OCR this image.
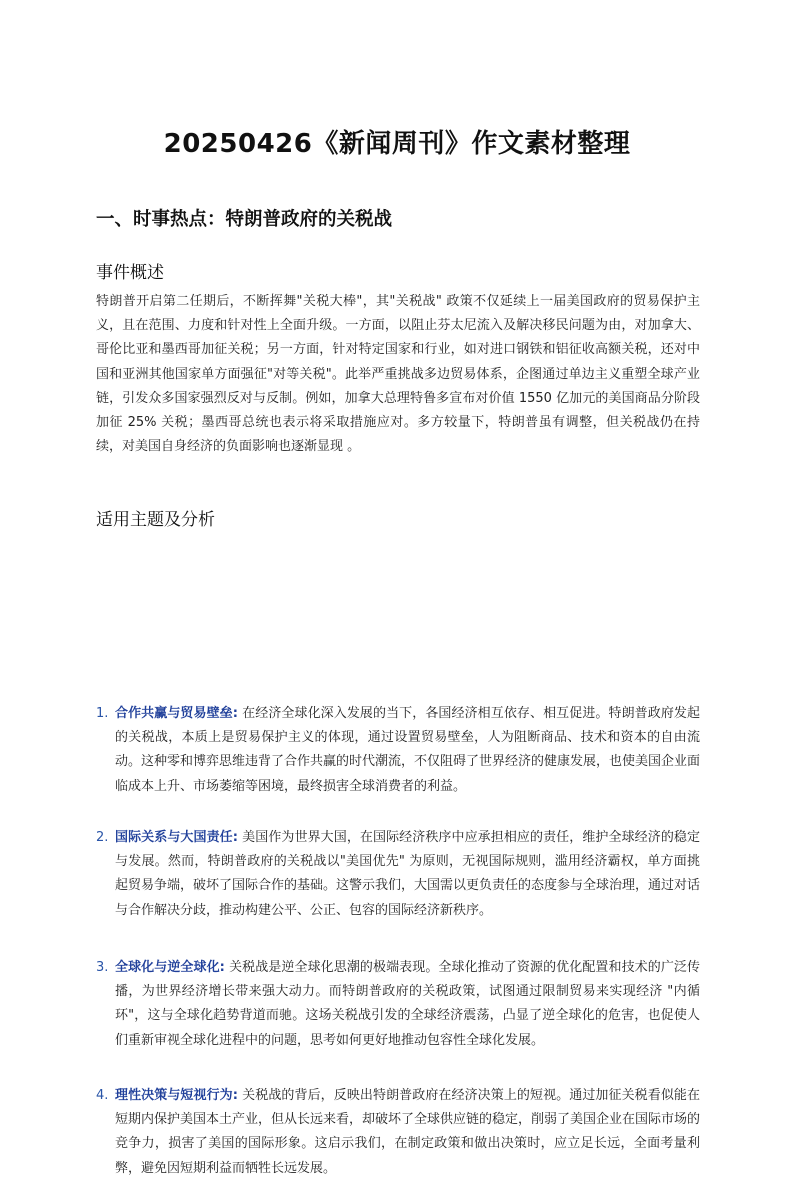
20250426《新闻周刊》作文素材整理
一、时事热点：特朗普政府的关税战
事件概述

特朗普开启第二任期后，不断挥舞"关税大棒"，其"关税战" 政策不仅延续上一届美国政府的贸易保护主义，且在范围、力度和针对性上全面升级。一方面，以阻止芬太尼流入及解决移民问题为由，对加拿大、哥伦比亚和墨西哥加征关税；另一方面，针对特定国家和行业，如对进口钢铁和铝征收高额关税，还对中国和亚洲其他国家单方面强征"对等关税"。此举严重挑战多边贸易体系，企图通过单边主义重塑全球产业链，引发众多国家强烈反对与反制。例如，加拿大总理特鲁多宣布对价值 1550 亿加元的美国商品分阶段加征 25% 关税；墨西哥总统也表示将采取措施应对。多方较量下，特朗普虽有调整，但关税战仍在持续，对美国自身经济的负面影响也逐渐显现 。

适用主题及分析
1. 合作共赢与贸易壁垒: 在经济全球化深入发展的当下，各国经济相互依存、相互促进。特朗普政府发起的关税战，本质上是贸易保护主义的体现，通过设置贸易壁垒，人为阻断商品、技术和资本的自由流动。这种零和博弈思维违背了合作共赢的时代潮流，不仅阻碍了世界经济的健康发展，也使美国企业面临成本上升、市场萎缩等困境，最终损害全球消费者的利益。
2. 国际关系与大国责任: 美国作为世界大国，在国际经济秩序中应承担相应的责任，维护全球经济的稳定与发展。然而，特朗普政府的关税战以"美国优先" 为原则，无视国际规则，滥用经济霸权，单方面挑起贸易争端，破坏了国际合作的基础。这警示我们，大国需以更负责任的态度参与全球治理，通过对话与合作解决分歧，推动构建公平、公正、包容的国际经济新秩序。
3. 全球化与逆全球化: 关税战是逆全球化思潮的极端表现。全球化推动了资源的优化配置和技术的广泛传播，为世界经济增长带来强大动力。而特朗普政府的关税政策，试图通过限制贸易来实现经济 "内循环"，这与全球化趋势背道而驰。这场关税战引发的全球经济震荡，凸显了逆全球化的危害，也促使人们重新审视全球化进程中的问题，思考如何更好地推动包容性全球化发展。
4. 理性决策与短视行为: 关税战的背后，反映出特朗普政府在经济决策上的短视。通过加征关税看似能在短期内保护美国本土产业，但从长远来看，却破坏了全球供应链的稳定，削弱了美国企业在国际市场的竞争力，损害了美国的国际形象。这启示我们，在制定政策和做出决策时，应立足长远，全面考量利弊，避免因短期利益而牺牲长远发展。
